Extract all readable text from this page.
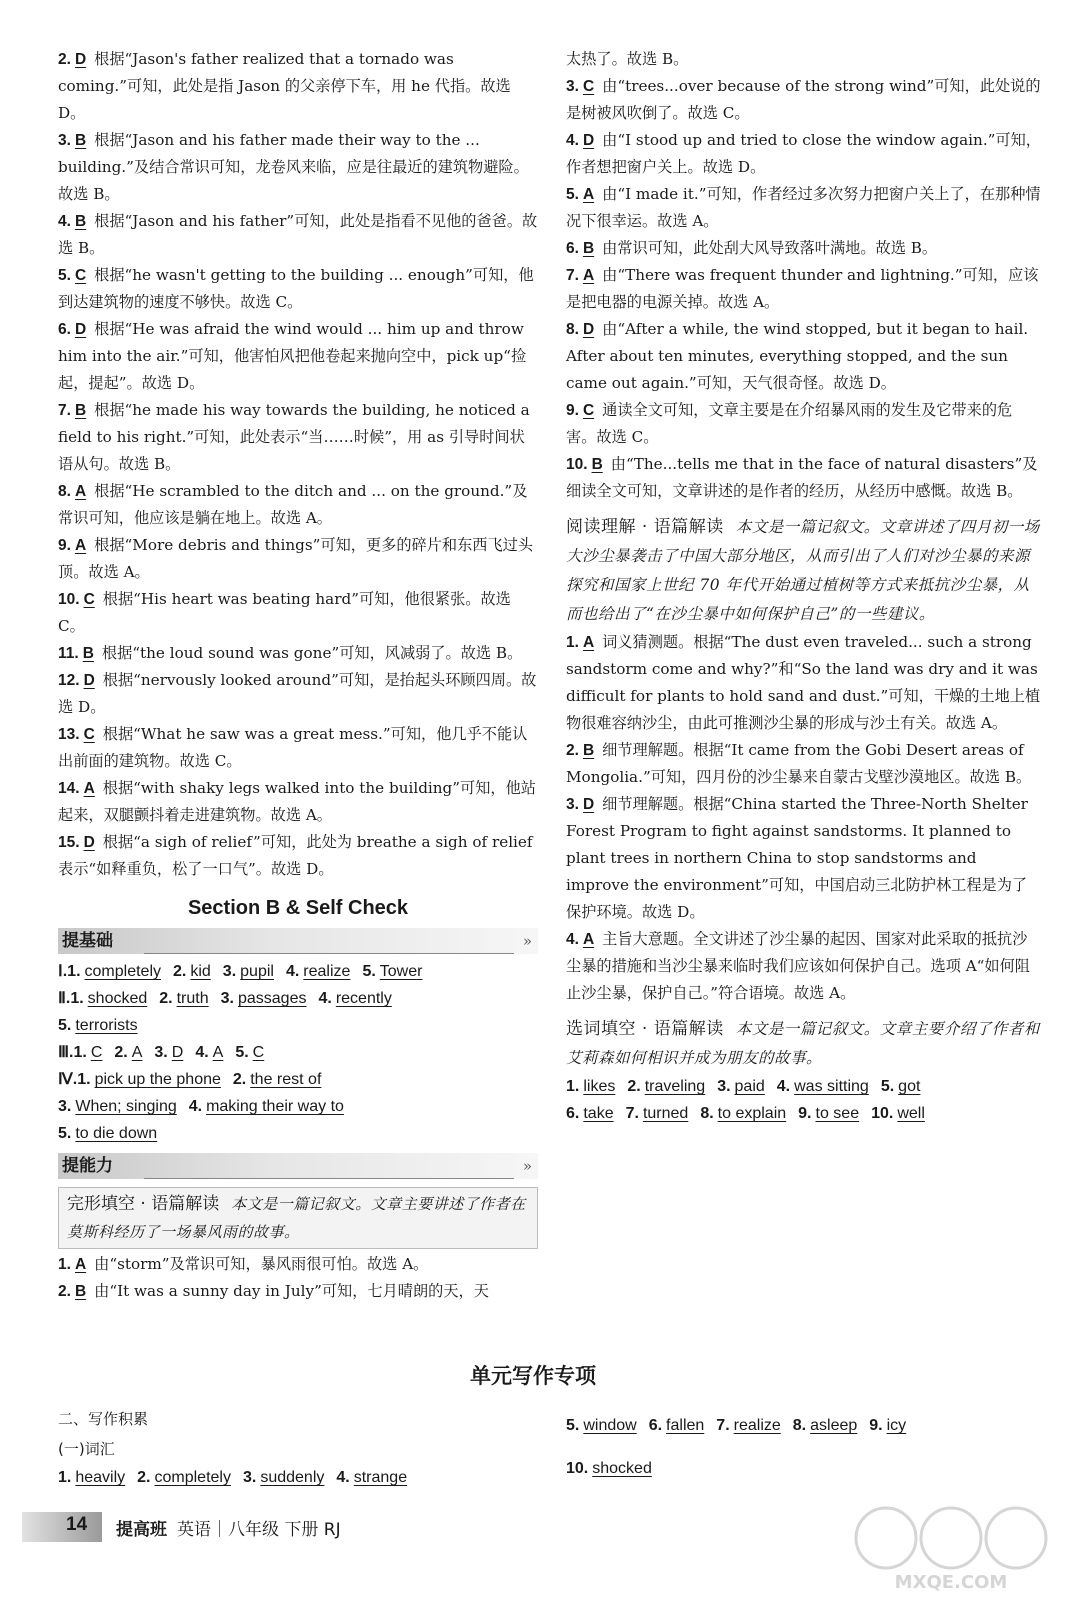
2. D 根据“Jason's father realized that a tornado was coming.”可知，此处是指 Jason 的父亲停下车，用 he 代指。故选 D。

3. B 根据“Jason and his father made their way to the ... building.”及结合常识可知，龙卷风来临，应是往最近的建筑物避险。故选 B。

4. B 根据“Jason and his father”可知，此处是指看不见他的爸爸。故选 B。

5. C 根据“he wasn't getting to the building ... enough”可知，他到达建筑物的速度不够快。故选 C。

6. D 根据“He was afraid the wind would ... him up and throw him into the air.”可知，他害怕风把他卷起来抛向空中，pick up“捡起，提起”。故选 D。

7. B 根据“he made his way towards the building, he noticed a field to his right.”可知，此处表示“当……时候”，用 as 引导时间状语从句。故选 B。

8. A 根据“He scrambled to the ditch and ... on the ground.”及常识可知，他应该是躺在地上。故选 A。

9. A 根据“More debris and things”可知，更多的碎片和东西飞过头顶。故选 A。

10. C 根据“His heart was beating hard”可知，他很紧张。故选 C。

11. B 根据“the loud sound was gone”可知，风减弱了。故选 B。

12. D 根据“nervously looked around”可知，是抬起头环顾四周。故选 D。

13. C 根据“What he saw was a great mess.”可知，他几乎不能认出前面的建筑物。故选 C。

14. A 根据“with shaky legs walked into the building”可知，他站起来，双腿颤抖着走进建筑物。故选 A。

15. D 根据“a sigh of relief”可知，此处为 breathe a sigh of relief 表示“如释重负，松了一口气”。故选 D。

Section B & Self Check
提基础	»

Ⅰ.1. completely 2. kid 3. pupil 4. realize 5. Tower

Ⅱ.1. shocked 2. truth 3. passages 4. recently

5. terrorists

Ⅲ.1. C 2. A 3. D 4. A 5. C

Ⅳ.1. pick up the phone 2. the rest of

3. When; singing 4. making their way to

5. to die down

提能力	»
完形填空 · 语篇解读 本文是一篇记叙文。文章主要讲述了作者在莫斯科经历了一场暴风雨的故事。

1. A 由“storm”及常识可知，暴风雨很可怕。故选 A。

2. B 由“It was a sunny day in July”可知，七月晴朗的天，天

太热了。故选 B。

3. C 由“trees...over because of the strong wind”可知，此处说的是树被风吹倒了。故选 C。

4. D 由“I stood up and tried to close the window again.”可知，作者想把窗户关上。故选 D。

5. A 由“I made it.”可知，作者经过多次努力把窗户关上了，在那种情况下很幸运。故选 A。

6. B 由常识可知，此处刮大风导致落叶满地。故选 B。

7. A 由“There was frequent thunder and lightning.”可知，应该是把电器的电源关掉。故选 A。

8. D 由“After a while, the wind stopped, but it began to hail. After about ten minutes, everything stopped, and the sun came out again.”可知，天气很奇怪。故选 D。

9. C 通读全文可知，文章主要是在介绍暴风雨的发生及它带来的危害。故选 C。

10. B 由“The...tells me that in the face of natural disasters”及细读全文可知，文章讲述的是作者的经历，从经历中感慨。故选 B。

阅读理解 · 语篇解读 本文是一篇记叙文。文章讲述了四月初一场大沙尘暴袭击了中国大部分地区，从而引出了人们对沙尘暴的来源探究和国家上世纪 70 年代开始通过植树等方式来抵抗沙尘暴，从而也给出了“在沙尘暴中如何保护自己”的一些建议。

1. A 词义猜测题。根据“The dust even traveled... such a strong sandstorm come and why?”和“So the land was dry and it was difficult for plants to hold sand and dust.”可知，干燥的土地上植物很难容纳沙尘，由此可推测沙尘暴的形成与沙土有关。故选 A。

2. B 细节理解题。根据“It came from the Gobi Desert areas of Mongolia.”可知，四月份的沙尘暴来自蒙古戈壁沙漠地区。故选 B。

3. D 细节理解题。根据“China started the Three-North Shelter Forest Program to fight against sandstorms. It planned to plant trees in northern China to stop sandstorms and improve the environment”可知，中国启动三北防护林工程是为了保护环境。故选 D。

4. A 主旨大意题。全文讲述了沙尘暴的起因、国家对此采取的抵抗沙尘暴的措施和当沙尘暴来临时我们应该如何保护自己。选项 A“如何阻止沙尘暴，保护自己。”符合语境。故选 A。

选词填空 · 语篇解读 本文是一篇记叙文。文章主要介绍了作者和艾莉森如何相识并成为朋友的故事。

1. likes 2. traveling 3. paid 4. was sitting 5. got

6. take 7. turned 8. to explain 9. to see 10. well

单元写作专项
二、写作积累
(一)词汇

1. heavily 2. completely 3. suddenly 4. strange

5. window 6. fallen 7. realize 8. asleep 9. icy

10. shocked

14 提高班 英语｜八年级 下册 RJ
MXQE.COM
